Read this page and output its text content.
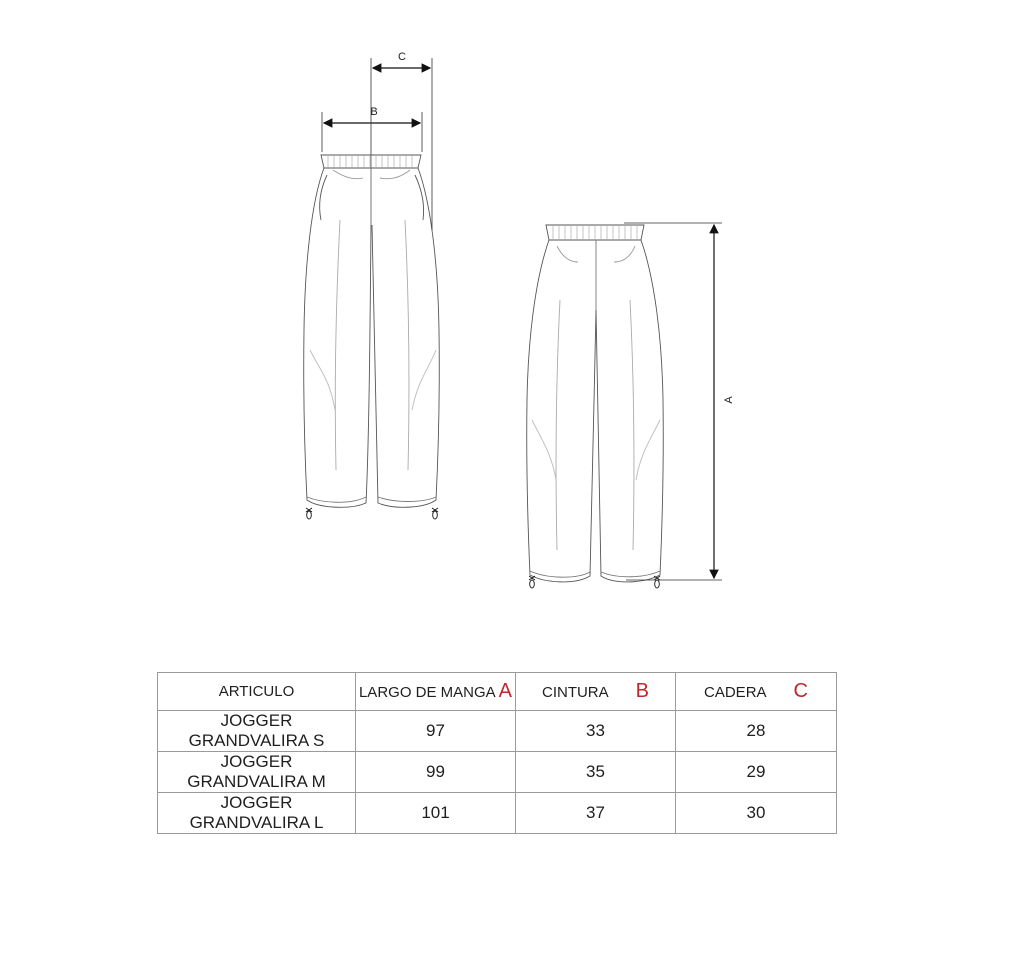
B
C
A
ARTICULO	LARGO DE MANGA A	CINTURA B	CADERA C
JOGGER GRANDVALIRA S	97	33	28
JOGGER GRANDVALIRA M	99	35	29
JOGGER GRANDVALIRA L	101	37	30
